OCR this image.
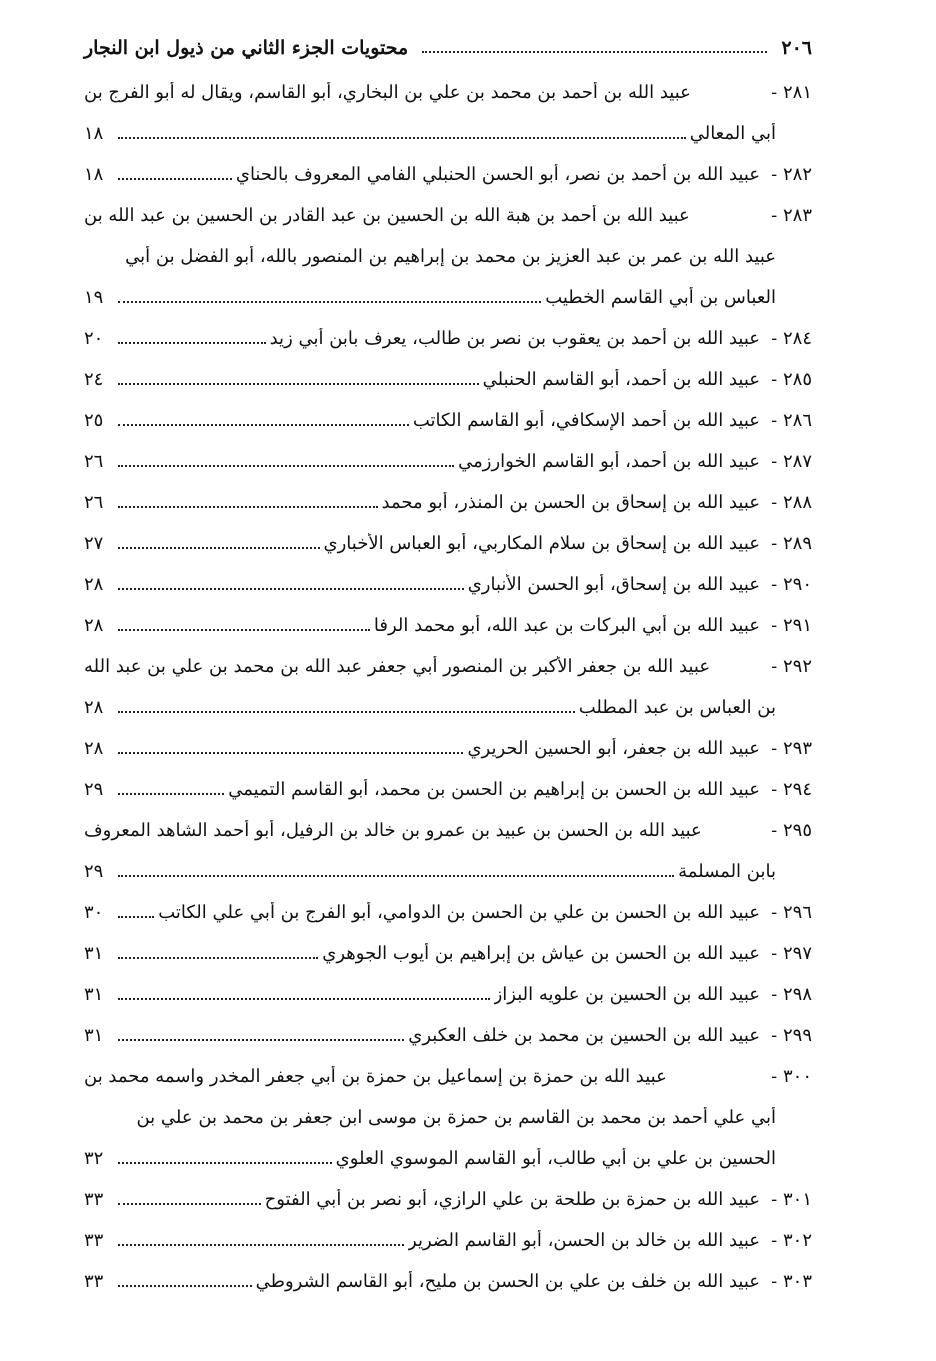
٢٠٦
محتويات الجزء الثاني من ذيول ابن النجار
٢٨١ -
عبيد الله بن أحمد بن محمد بن علي بن البخاري، أبو القاسم، ويقال له أبو الفرج بن
أبي المعالي
١٨
٢٨٢ -
عبيد الله بن أحمد بن نصر، أبو الحسن الحنبلي الفامي المعروف بالحناي
١٨
٢٨٣ -
عبيد الله بن أحمد بن هبة الله بن الحسين بن عبد القادر بن الحسين بن عبد الله بن
عبيد الله بن عمر بن عبد العزيز بن محمد بن إبراهيم بن المنصور بالله، أبو الفضل بن أبي
العباس بن أبي القاسم الخطيب
١٩
٢٨٤ -
عبيد الله بن أحمد بن يعقوب بن نصر بن طالب، يعرف بابن أبي زيد
٢٠
٢٨٥ -
عبيد الله بن أحمد، أبو القاسم الحنبلي
٢٤
٢٨٦ -
عبيد الله بن أحمد الإسكافي، أبو القاسم الكاتب
٢٥
٢٨٧ -
عبيد الله بن أحمد، أبو القاسم الخوارزمي
٢٦
٢٨٨ -
عبيد الله بن إسحاق بن الحسن بن المنذر، أبو محمد
٢٦
٢٨٩ -
عبيد الله بن إسحاق بن سلام المكاربي، أبو العباس الأخباري
٢٧
٢٩٠ -
عبيد الله بن إسحاق، أبو الحسن الأنباري
٢٨
٢٩١ -
عبيد الله بن أبي البركات بن عبد الله، أبو محمد الرفا
٢٨
٢٩٢ -
عبيد الله بن جعفر الأكبر بن المنصور أبي جعفر عبد الله بن محمد بن علي بن عبد الله
بن العباس بن عبد المطلب
٢٨
٢٩٣ -
عبيد الله بن جعفر، أبو الحسين الحريري
٢٨
٢٩٤ -
عبيد الله بن الحسن بن إبراهيم بن الحسن بن محمد، أبو القاسم التميمي
٢٩
٢٩٥ -
عبيد الله بن الحسن بن عبيد بن عمرو بن خالد بن الرفيل، أبو أحمد الشاهد المعروف
بابن المسلمة
٢٩
٢٩٦ -
عبيد الله بن الحسن بن علي بن الحسن بن الدوامي، أبو الفرج بن أبي علي الكاتب
٣٠
٢٩٧ -
عبيد الله بن الحسن بن عياش بن إبراهيم بن أيوب الجوهري
٣١
٢٩٨ -
عبيد الله بن الحسين بن علويه البزاز
٣١
٢٩٩ -
عبيد الله بن الحسين بن محمد بن خلف العكبري
٣١
٣٠٠ -
عبيد الله بن حمزة بن إسماعيل بن حمزة بن أبي جعفر المخدر واسمه محمد بن
أبي علي أحمد بن محمد بن القاسم بن حمزة بن موسى ابن جعفر بن محمد بن علي بن
الحسين بن علي بن أبي طالب، أبو القاسم الموسوي العلوي
٣٢
٣٠١ -
عبيد الله بن حمزة بن طلحة بن علي الرازي، أبو نصر بن أبي الفتوح
٣٣
٣٠٢ -
عبيد الله بن خالد بن الحسن، أبو القاسم الضرير
٣٣
٣٠٣ -
عبيد الله بن خلف بن علي بن الحسن بن مليح، أبو القاسم الشروطي
٣٣
